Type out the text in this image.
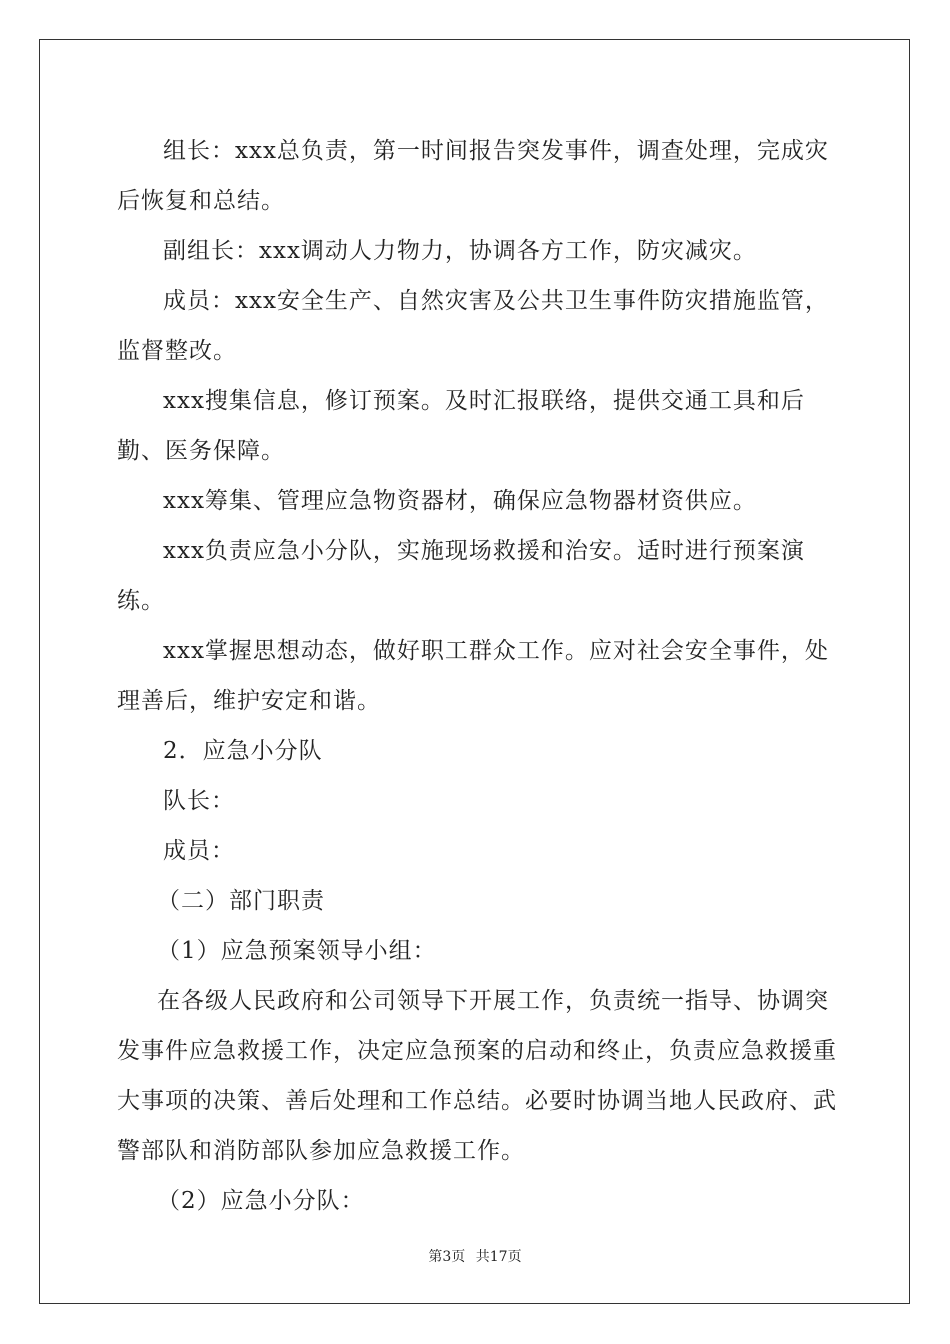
组长：xxx总负责，第一时间报告突发事件，调查处理，完成灾后恢复和总结。

副组长：xxx调动人力物力，协调各方工作，防灾减灾。

成员：xxx安全生产、自然灾害及公共卫生事件防灾措施监管，监督整改。

xxx搜集信息，修订预案。及时汇报联络，提供交通工具和后勤、医务保障。

xxx筹集、管理应急物资器材，确保应急物器材资供应。

xxx负责应急小分队，实施现场救援和治安。适时进行预案演练。

xxx掌握思想动态，做好职工群众工作。应对社会安全事件，处理善后，维护安定和谐。

2．应急小分队

队长：

成员：

（二）部门职责

（1）应急预案领导小组：

在各级人民政府和公司领导下开展工作，负责统一指导、协调突发事件应急救援工作，决定应急预案的启动和终止，负责应急救援重大事项的决策、善后处理和工作总结。必要时协调当地人民政府、武警部队和消防部队参加应急救援工作。

（2）应急小分队：

第3页 共17页
